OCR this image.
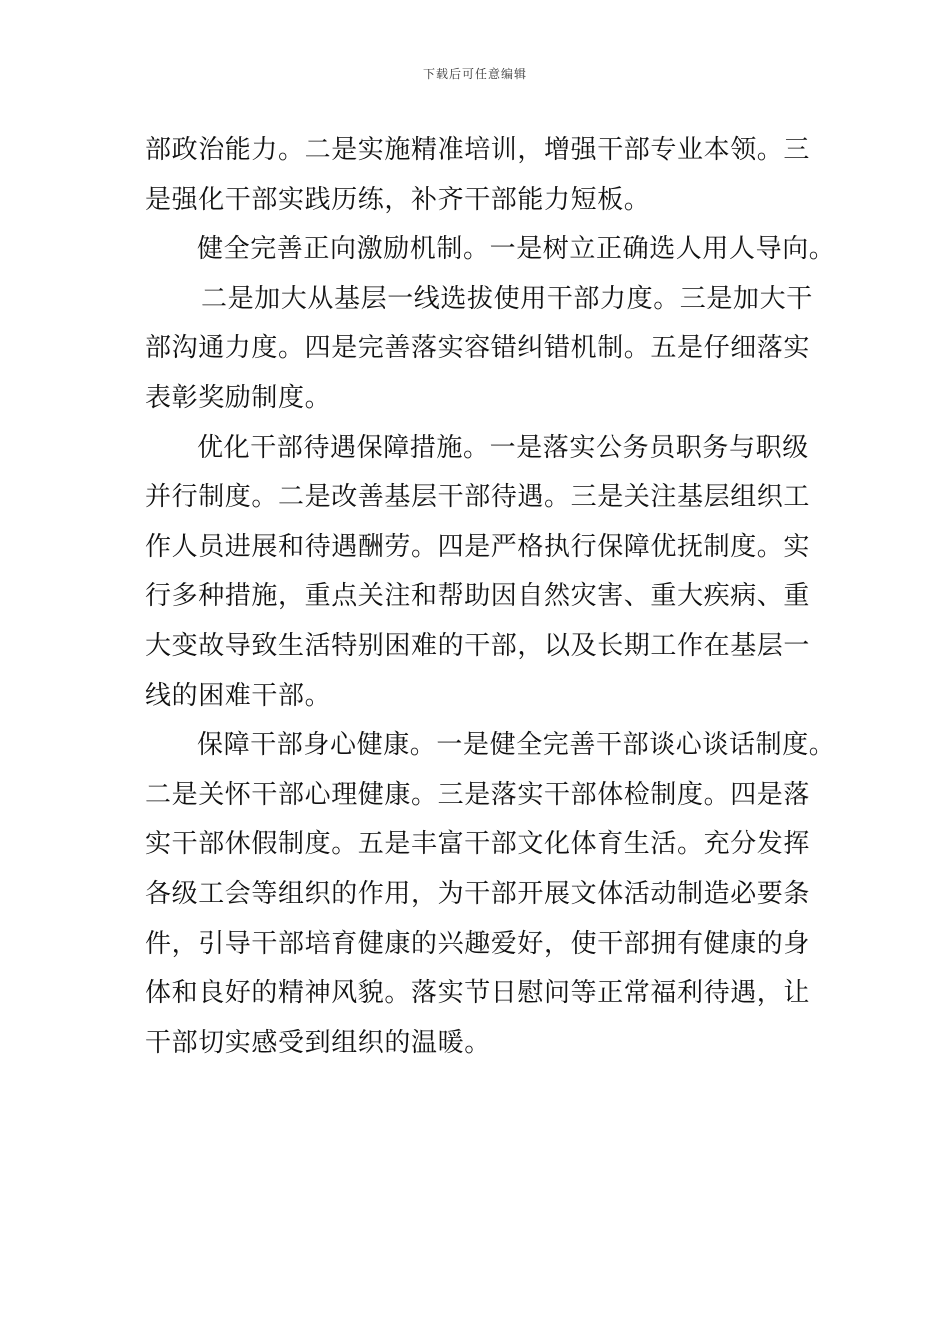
下载后可任意编辑
部政治能力。二是实施精准培训，增强干部专业本领。三
是强化干部实践历练，补齐干部能力短板。
健全完善正向激励机制。一是树立正确选人用人导向。
二是加大从基层一线选拔使用干部力度。三是加大干
部沟通力度。四是完善落实容错纠错机制。五是仔细落实
表彰奖励制度。
优化干部待遇保障措施。一是落实公务员职务与职级
并行制度。二是改善基层干部待遇。三是关注基层组织工
作人员进展和待遇酬劳。四是严格执行保障优抚制度。实
行多种措施，重点关注和帮助因自然灾害、重大疾病、重
大变故导致生活特别困难的干部，以及长期工作在基层一
线的困难干部。
保障干部身心健康。一是健全完善干部谈心谈话制度。
二是关怀干部心理健康。三是落实干部体检制度。四是落
实干部休假制度。五是丰富干部文化体育生活。充分发挥
各级工会等组织的作用，为干部开展文体活动制造必要条
件，引导干部培育健康的兴趣爱好，使干部拥有健康的身
体和良好的精神风貌。落实节日慰问等正常福利待遇，让
干部切实感受到组织的温暖。
